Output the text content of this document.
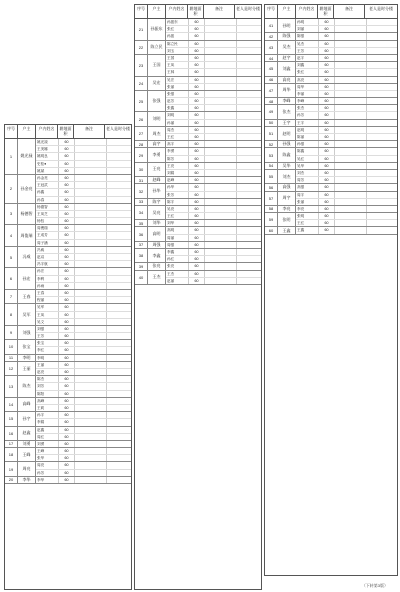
序号	户主	户内姓名	耕地面积
备注	老人是时分楼
1	姚光禄
姚光禄	60
王美娜	60
姚明良	60
史桂●	60
姚斌	60
2	孙金亮
孙金亮	60
王冠武	60
孙鑫	60
孙春	60
3	杨德智
杨德智	60
王凤芝	60
杨钰	60
4	周俊瑞
周俊瑞	60
王成芳	60
周子涵	60
5	冯威
冯威	60
赵双	60
冯宇航	60
6	孙宏
孙宏	60
李利	60
孙雨	60
7	王春
王春	60
程丽	60
8	吴军
吴军	60
王凤	60
吴文	60
9	刘强
刘强	60
王芳	60
10	张宝
张宝	60
李红	60
11	李明	李明	60
12	王丽
王丽	60
赵亮	60
13	陈杰
陈杰	60
刘芳	60
陈阳	60
14	高峰
高峰	60
王莉	60
15	孙宇
孙宇	60
李娟	60
16	赵鑫
赵鑫	60
周红	60
17	刘勇	刘勇	60
18	王峰
王峰	60
张华	60
19	周亮
周亮	60
孙芳	60
20	李华	李华	60
序号	户主	户内姓名	耕地面积
备注	老人是时分楼
21	孙振东
孙振东	60
张红	60
孙振	60
22	陈立民
陈立民	60
刘玉	60
23	王国
王国	60
王凤	60
王林	60
24	吴宏
吴宏	60
张丽	60
25	张强
张强	60
赵芳	60
张鑫	60
26	刘明
刘明	60
孙丽	60
27	周杰
周杰	60
王红	60
28	高宇	高宇	60
29	李勇
李勇	60
陈芳	60
30	王亮
王亮	60
刘娟	60
31	赵峰	赵峰	60
32	孙华
孙华	60
张芳	60
33	陈宇	陈宇	60
34	吴亮
吴亮	60
王红	60
35	刘华	刘华	60
36	高明
高明	60
周丽	60
37	周强	周强	60
38	李鑫
李鑫	60
孙红	60
39	张亮	张亮	60
40	王杰
王杰	60
赵丽	60
序号	户主	户内姓名	耕地面积
备注	老人是时分楼
41	孙明
孙明	60
刘丽	60
42	陈强	陈强	60
43	吴杰
吴杰	60
王芳	60
44	赵宇	赵宇	60
45	刘鑫
刘鑫	60
张红	60
46	高亮	高亮	60
47	周华
周华	60
李丽	60
48	李峰	李峰	60
49	张杰
张杰	60
孙芳	60
50	王宇	王宇	60
51	赵明
赵明	60
陈丽	60
52	孙强	孙强	60
53	陈鑫
陈鑫	60
吴红	60
54	吴华	吴华	60
55	刘杰
刘杰	60
周芳	60
56	高强	高强	60
57	周宇
周宇	60
张丽	60
58	李亮	李亮	60
59	张明
张明	60
王红	60
60	王鑫	王鑫	60
（下转第3版）
